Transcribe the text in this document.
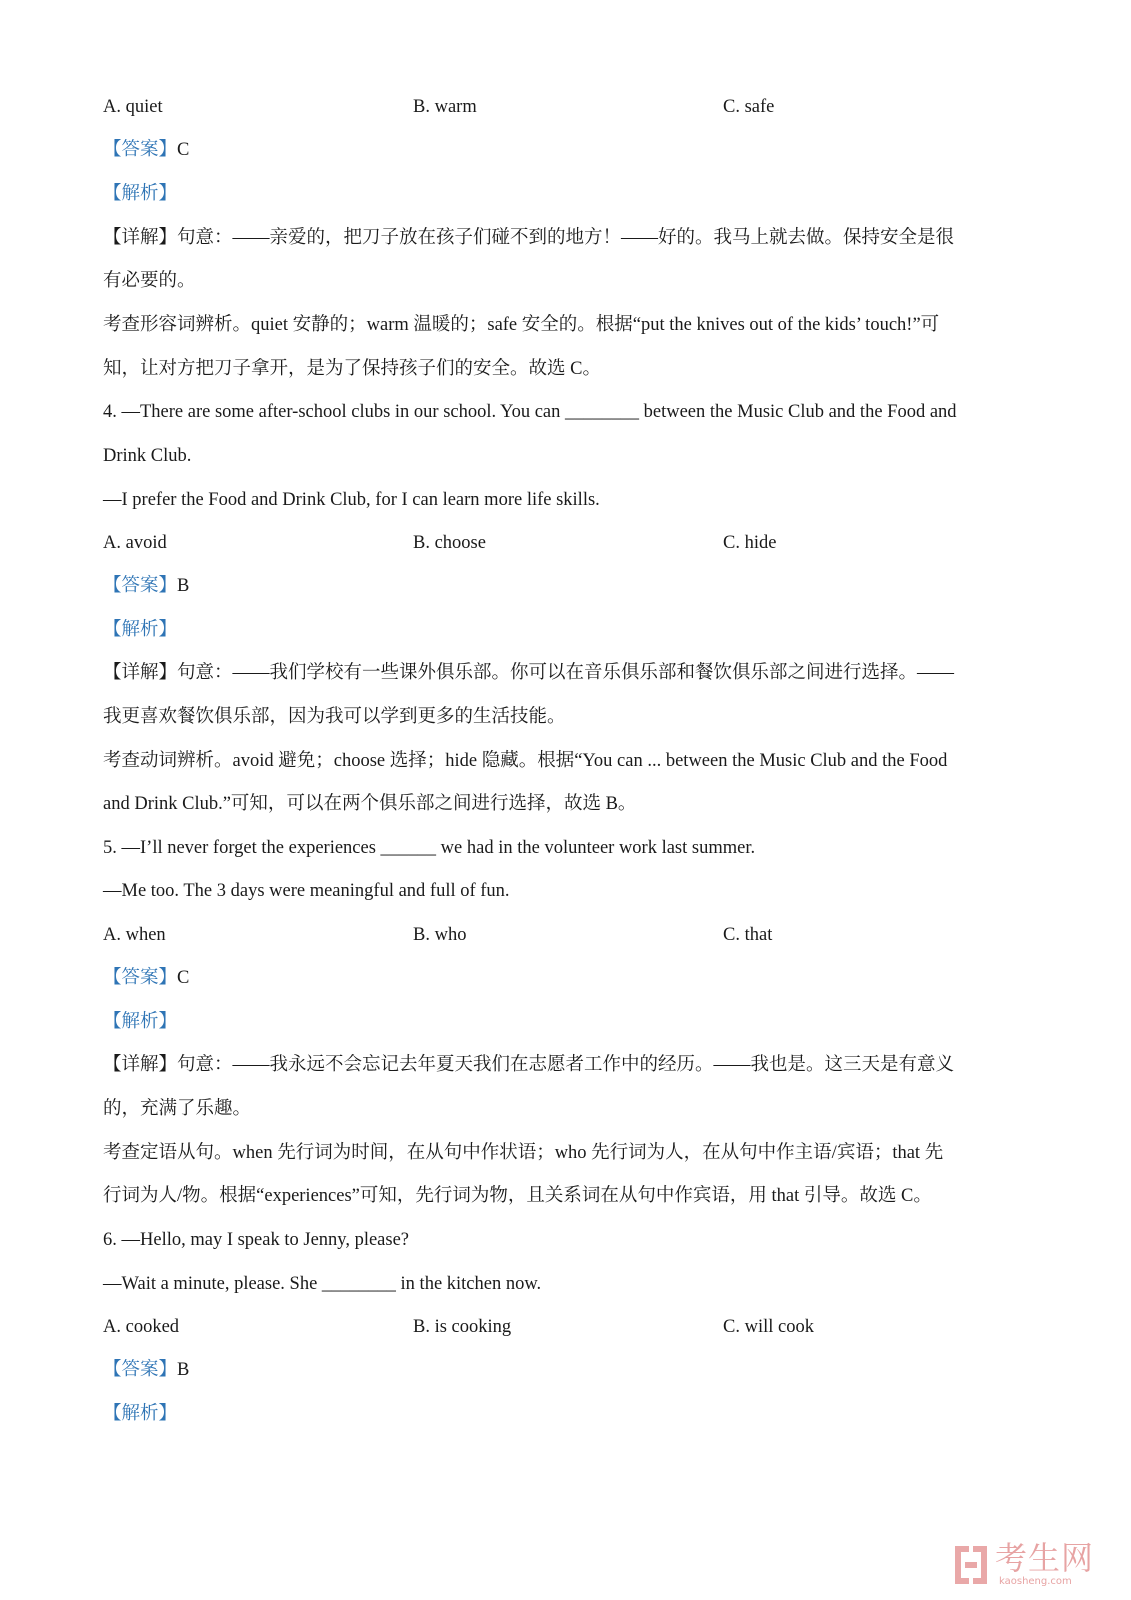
A. quiet	B. warm	C. safe

【答案】C

【解析】

【详解】句意：——亲爱的，把刀子放在孩子们碰不到的地方！——好的。我马上就去做。保持安全是很

有必要的。

考查形容词辨析。quiet 安静的；warm 温暖的；safe 安全的。根据“put the knives out of the kids’ touch!”可

知，让对方把刀子拿开，是为了保持孩子们的安全。故选 C。

4. —There are some after-school clubs in our school. You can ________ between the Music Club and the Food and

Drink Club.

—I prefer the Food and Drink Club, for I can learn more life skills.

A. avoid	B. choose	C. hide

【答案】B

【解析】

【详解】句意：——我们学校有一些课外俱乐部。你可以在音乐俱乐部和餐饮俱乐部之间进行选择。——

我更喜欢餐饮俱乐部，因为我可以学到更多的生活技能。

考查动词辨析。avoid 避免；choose 选择；hide 隐藏。根据“You can ... between the Music Club and the Food

and Drink Club.”可知，可以在两个俱乐部之间进行选择，故选 B。

5. —I’ll never forget the experiences ______ we had in the volunteer work last summer.

—Me too. The 3 days were meaningful and full of fun.

A. when	B. who	C. that

【答案】C

【解析】

【详解】句意：——我永远不会忘记去年夏天我们在志愿者工作中的经历。——我也是。这三天是有意义

的，充满了乐趣。

考查定语从句。when 先行词为时间，在从句中作状语；who 先行词为人，在从句中作主语/宾语；that 先

行词为人/物。根据“experiences”可知，先行词为物，且关系词在从句中作宾语，用 that 引导。故选 C。

6. —Hello, may I speak to Jenny, please?

—Wait a minute, please. She ________ in the kitchen now.

A. cooked	B. is cooking	C. will cook

【答案】B

【解析】

考生网
kaosheng.com
